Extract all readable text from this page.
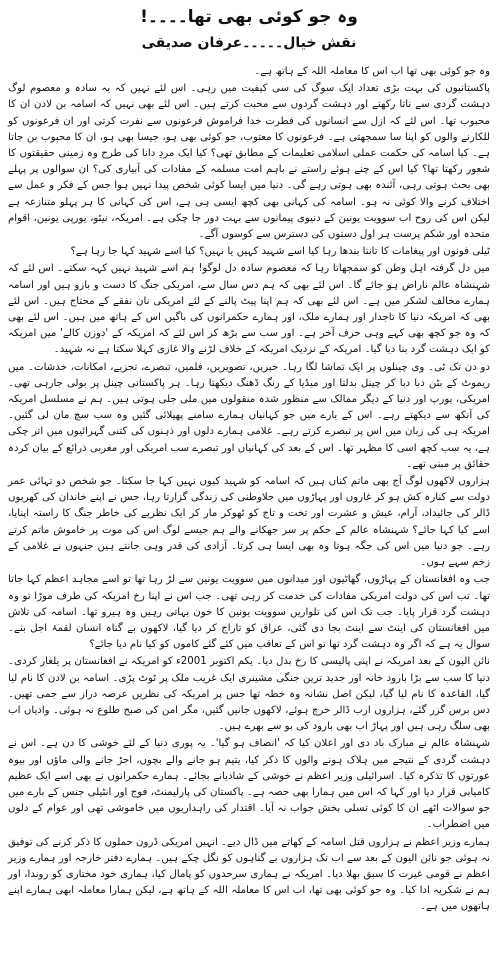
وہ جو کوئی بھی تھا۔۔۔۔!
نقش خیال۔۔۔۔۔عرفان صدیقی

وہ جو کوئی بھی تھا اب اس کا معاملہ اللہ کے ہاتھ ہے۔

پاکستانیوں کی بہت بڑی تعداد ایک سوگ کی سی کیفیت میں رہی۔ اس لئے نہیں کہ یہ سادہ و معصوم لوگ دہشت گردی سے ناتا رکھتے اور دہشت گردوں سے محبت کرتے ہیں۔ اس لئے بھی نہیں کہ اسامہ بن لادن ان کا محبوب تھا۔ اس لئے کہ ازل سے انسانوں کی فطرت خدا فراموش فرعونوں سے نفرت کرتی اور ان فرعونوں کو للکارنے والوں کو اپنا سا سمجھتی ہے۔ فرعونوں کا معتوب، جو کوئی بھی ہو، جیسا بھی ہو، ان کا محبوب بن جاتا ہے۔ کیا اسامہ کی حکمت عملی اسلامی تعلیمات کے مطابق تھی؟ کیا ایک مردِ دانا کی طرح وہ زمینی حقیقتوں کا شعور رکھتا تھا؟ کیا اس کے چنے ہوئے راستے نے باہم امت مسلمہ کے مفادات کی آبیاری کی؟ ان سوالوں پر پہلے بھی بحث ہوتی رہی، آئندہ بھی ہوتی رہے گی۔ دنیا میں ایسا کوئی شخص پیدا نہیں ہوا جس کے فکر و عمل سے اختلاف کرنے والا کوئی نہ ہو۔ اسامہ کی کہانی بھی کچھ ایسی ہی ہے، اس کی کہانی کا ہر پہلو متنازعہ ہے لیکن اس کی روح اب سوویت یونین کے دنیوی پیمانوں سے بہت دور جا چکی ہے۔ امریکہ، نیٹو، یورپی یونین، اقوام متحدہ اور شکم پرست ہر اول دستوں کی دسترس سے کوسوں آگے۔

ٹیلی فونوں اور پیغامات کا تانتا بندھا رہا کیا اسے شہید کہیں یا نہیں؟ کیا اسے شہید کہا جا رہا ہے؟

میں دل گرفتہ اہل وطن کو سمجھاتا رہا کہ معصوم سادہ دل لوگو! ہم اسے شہید نہیں کہہ سکتے۔ اس لئے کہ شہنشاہ عالم ناراض ہو جائے گا۔ اس لئے بھی کہ ہم دس سال سے، امریکی جنگ کا دست و بازو ہیں اور اسامہ ہمارے مخالف لشکر میں ہے۔ اس لئے بھی کہ ہم اپنا پیٹ پالنے کے لئے امریکی نان نفقے کے محتاج ہیں۔ اس لئے بھی کہ امریکہ دنیا کا تاجدار اور ہمارے ملک، اور ہمارے حکمرانوں کی باگیں اس کے ہاتھ میں ہیں۔ اس لئے بھی کہ وہ جو کچھ بھی کہے وہی حرف آخر ہے۔ اور سب سے بڑھ کر اس لئے کہ امریکہ کے 'دوزن کالے' میں امریکہ کو ایک دہشت گرد بنا دیا گیا۔ امریکہ کے نزدیک امریکہ کے خلاف لڑنے والا غازی کہلا سکتا ہے نہ شہید۔

دو دن تک ٹی۔ وی چینلوں پر ایک تماشا لگا رہا۔ خبریں، تصویریں، فلمیں، تبصرے، تجزیے، امکانات، خدشات۔ میں ریموٹ کے بٹن دبا دبا کر چینل بدلتا اور میڈیا کے رنگ ڈھنگ دیکھتا رہا۔ ہر پاکستانی چینل پر بولی جارہی تھی۔ امریکی، یورپ اور دنیا کے دیگر ممالک سے منظور شدہ منقولوں میں ملی جلی ہوتی ہیں۔ ہم نے مسلسل امریکہ کی آنکھ سے دیکھتے رہے۔ اس کے بارے میں جو کہانیاں ہمارے سامنے پھیلائی گئیں وہ سب سچ مان لی گئیں۔ امریکہ ہی کی زبان میں اس پر تبصرے کرتے رہے۔ غلامی ہمارے دلوں اور ذہنوں کی کتنی گہرائیوں میں اتر چکی ہے، یہ سب کچھ اسی کا مظہر تھا۔ اس کے بعد کی کہانیاں اور تبصرے سب امریکی اور مغربی ذرائع کے بیان کردہ حقائق پر مبنی تھے۔

ہزاروں لاکھوں لوگ آج بھی ماتم کناں ہیں کہ اسامہ کو شہید کیوں نہیں کہا جا سکتا۔ جو شخص دو تہائی عمر دولت سے کنارہ کش ہو کر غاروں اور پہاڑوں میں جلاوطنی کی زندگی گزارتا رہا، جس نے اپنے خاندان کی کھربوں ڈالر کی جائیداد، آرام، عیش و عشرت اور تخت و تاج کو ٹھوکر مار کر ایک نظریے کی خاطر جنگ کا راستہ اپنایا، اسے کیا کہا جائے؟ شہنشاہ عالم کے حکم پر سر جھکانے والے ہم جیسے لوگ اس کی موت پر خاموش ماتم کرتے رہے۔ جو دنیا میں اس کی جگہ ہوتا وہ بھی ایسا ہی کرتا۔ آزادی کی قدر وہی جانتے ہیں جنہوں نے غلامی کے زخم سہے ہوں۔

جب وہ افغانستان کے پہاڑوں، گھاٹیوں اور میدانوں میں سوویت یونین سے لڑ رہا تھا تو اسے مجاہد اعظم کہا جاتا تھا۔ تب اس کی دولت امریکی مفادات کی خدمت کر رہی تھی۔ جب اس نے اپنا رخ امریکہ کی طرف موڑا تو وہ دہشت گرد قرار پایا۔ جب تک اس کی تلواریں سوویت یونین کا خون بہاتی رہیں وہ ہیرو تھا۔ اسامہ کی تلاش میں افغانستان کی اینٹ سے اینٹ بجا دی گئی، عراق کو تاراج کر دیا گیا، لاکھوں بے گناہ انسان لقمۂ اجل بنے۔ سوال یہ ہے کہ اگر وہ دہشت گرد تھا تو اس کے تعاقب میں کئے گئے کاموں کو کیا نام دیا جائے؟

نائن الیون کے بعد امریکہ نے اپنی پالیسی کا رخ بدل دیا۔ یکم اکتوبر 2001ء کو امریکہ نے افغانستان پر یلغار کردی۔ دنیا کا سب سے بڑا بارود خانہ اور جدید ترین جنگی مشینری ایک غریب ملک پر ٹوٹ پڑی۔ اسامہ بن لادن کا نام لیا گیا، القاعدہ کا نام لیا گیا، لیکن اصل نشانہ وہ خطہ تھا جس پر امریکہ کی نظریں عرصہ دراز سے جمی تھیں۔ دس برس گزر گئے، ہزاروں ارب ڈالر خرچ ہوئے، لاکھوں جانیں گئیں، مگر امن کی صبح طلوع نہ ہوئی۔ وادیاں اب بھی سلگ رہی ہیں اور پہاڑ اب بھی بارود کی بو سے بھرے ہیں۔

شہنشاہ عالم نے مبارک باد دی اور اعلان کیا کہ 'انصاف ہو گیا'۔ یہ پوری دنیا کے لئے خوشی کا دن ہے۔ اس نے دہشت گردی کے نتیجے میں ہلاک ہونے والوں کا ذکر کیا، یتیم ہو جانے والے بچوں، اجڑ جانے والی ماؤں اور بیوہ عورتوں کا تذکرہ کیا۔ اسرائیلی وزیر اعظم نے خوشی کے شادیانے بجائے۔ ہمارے حکمرانوں نے بھی اسے ایک عظیم کامیابی قرار دیا اور کہا کہ اس میں ہمارا بھی حصہ ہے۔ پاکستان کی پارلیمنٹ، فوج اور انٹیلی جنس کے بارے میں جو سوالات اٹھے ان کا کوئی تسلی بخش جواب نہ آیا۔ اقتدار کی راہداریوں میں خاموشی تھی اور عوام کے دلوں میں اضطراب۔

ہمارے وزیر اعظم نے ہزاروں قتل اسامہ کے کھاتے میں ڈال دیے۔ انہیں امریکی ڈرون حملوں کا ذکر کرنے کی توفیق نہ ہوئی جو نائن الیون کے بعد سے اب تک ہزاروں بے گناہوں کو نگل چکے ہیں۔ ہمارے دفتر خارجہ اور ہمارے وزیر اعظم نے قومی غیرت کا سبق بھلا دیا۔ امریکہ نے ہماری سرحدوں کو پامال کیا، ہماری خود مختاری کو روندا، اور ہم نے شکریہ ادا کیا۔ وہ جو کوئی بھی تھا، اب اس کا معاملہ اللہ کے ہاتھ ہے، لیکن ہمارا معاملہ ابھی ہمارے اپنے ہاتھوں میں ہے۔
